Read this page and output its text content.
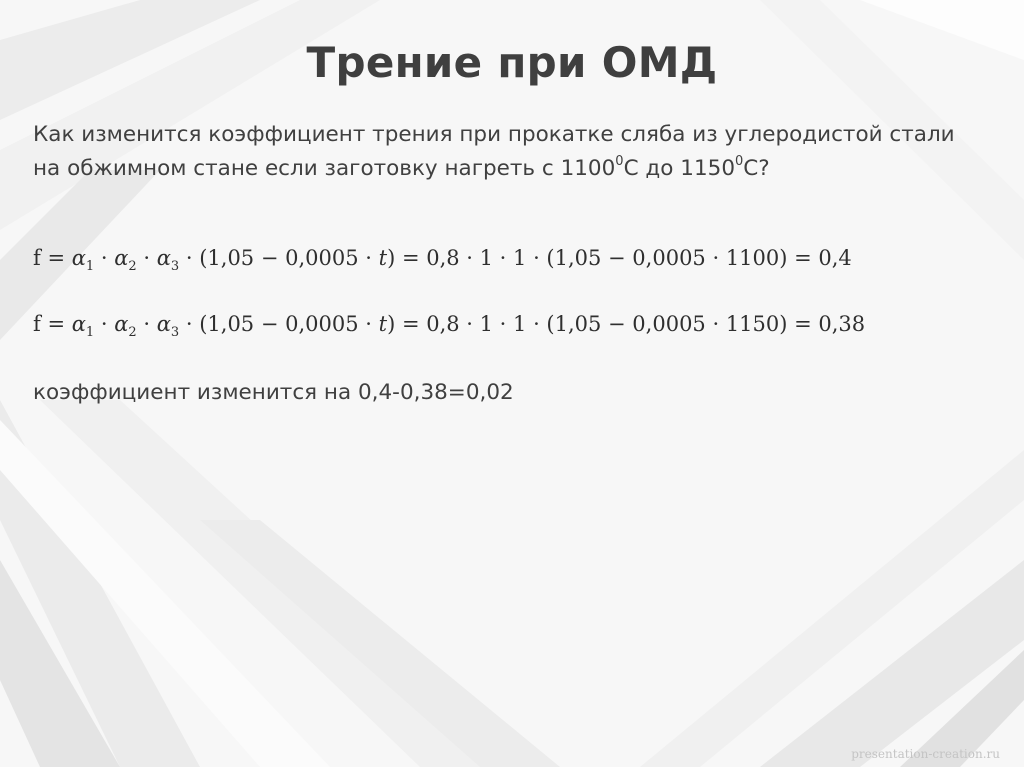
Трение при ОМД
Как изменится коэффициент трения при прокатке сляба из углеродистой стали
на обжимном стане если заготовку нагреть с 1100$^0$С до 1150$^0$С?
$f = \alpha_1 \cdot \alpha_2 \cdot \alpha_3 \cdot (1,05 - 0,0005 \cdot t) = 0,8 \cdot 1 \cdot 1 \cdot (1,05 - 0,0005 \cdot 1100) = 0,4$
$f = \alpha_1 \cdot \alpha_2 \cdot \alpha_3 \cdot (1,05 - 0,0005 \cdot t) = 0,8 \cdot 1 \cdot 1 \cdot (1,05 - 0,0005 \cdot 1150) = 0,38$
коэффициент изменится на 0,4-0,38=0,02
presentation-creation.ru
